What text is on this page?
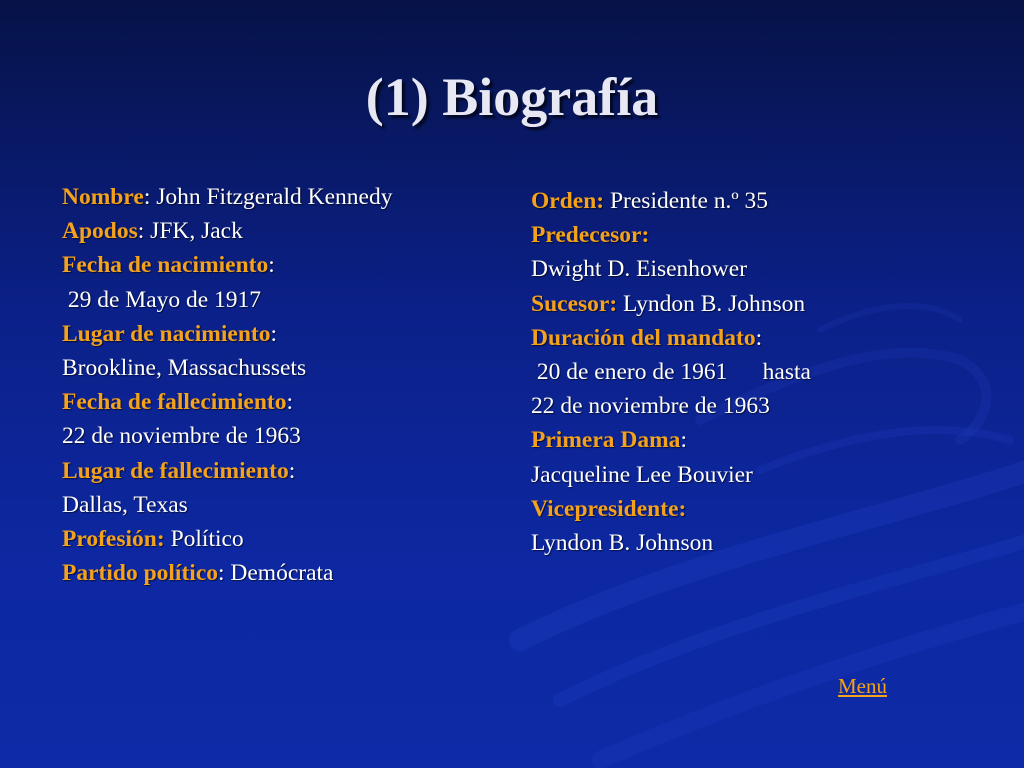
(1) Biografía
Nombre: John Fitzgerald Kennedy
Apodos: JFK, Jack
Fecha de nacimiento:
29 de Mayo de 1917
Lugar de nacimiento:
Brookline, Massachussets
Fecha de fallecimiento:
22 de noviembre de 1963
Lugar de fallecimiento:
Dallas, Texas
Profesión: Político
Partido político: Demócrata
Orden: Presidente n.º 35
Predecesor:
Dwight D. Eisenhower
Sucesor: Lyndon B. Johnson
Duración del mandato:
20 de enero de 1961      hasta
22 de noviembre de 1963
Primera Dama:
Jacqueline Lee Bouvier
Vicepresidente:
Lyndon B. Johnson
Menú
